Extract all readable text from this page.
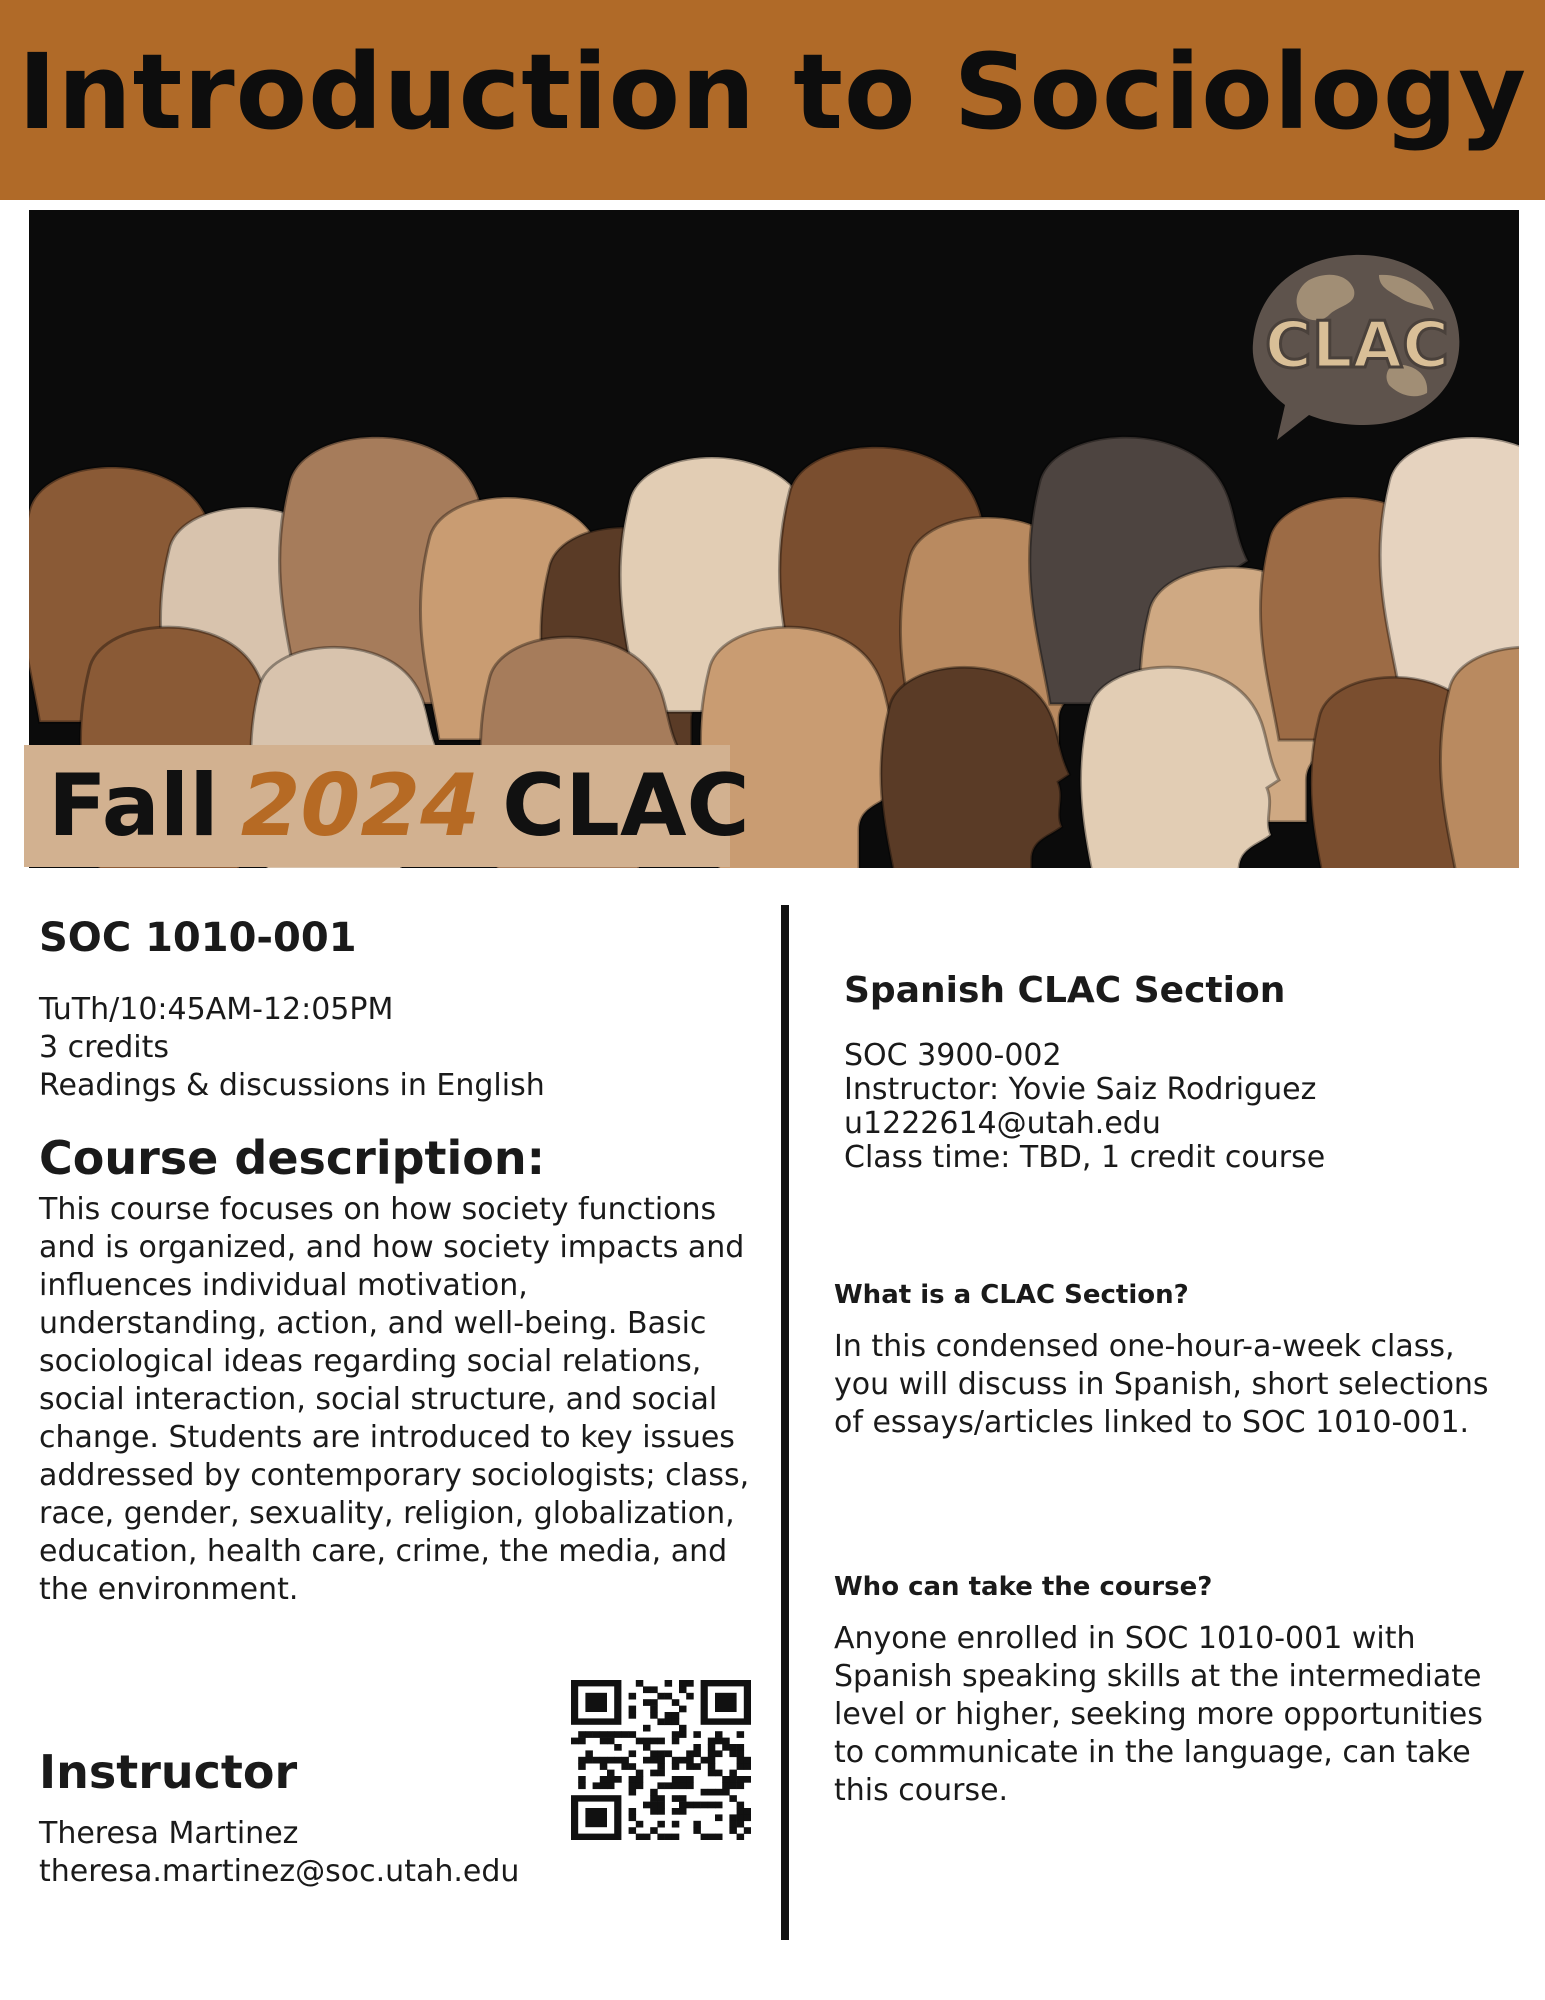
Introduction to Sociology
CLAC
Fall 2024 CLAC
SOC 1010-001
TuTh/10:45AM-12:05PM
3 credits
Readings & discussions in English
Course description:

This course focuses on how society functions and is organized, and how society impacts and influences individual motivation, understanding, action, and well-being. Basic sociological ideas regarding social relations, social interaction, social structure, and social change. Students are introduced to key issues addressed by contemporary sociologists; class, race, gender, sexuality, religion, globalization, education, health care, crime, the media, and the environment.

Instructor
Theresa Martinez
theresa.martinez@soc.utah.edu
Spanish CLAC Section
SOC 3900-002
Instructor: Yovie Saiz Rodriguez
u1222614@utah.edu
Class time: TBD, 1 credit course
What is a CLAC Section?

In this condensed one-hour-a-week class, you will discuss in Spanish, short selections of essays/articles linked to SOC 1010-001.

Who can take the course?

Anyone enrolled in SOC 1010-001 with Spanish speaking skills at the intermediate level or higher, seeking more opportunities to communicate in the language, can take this course.
